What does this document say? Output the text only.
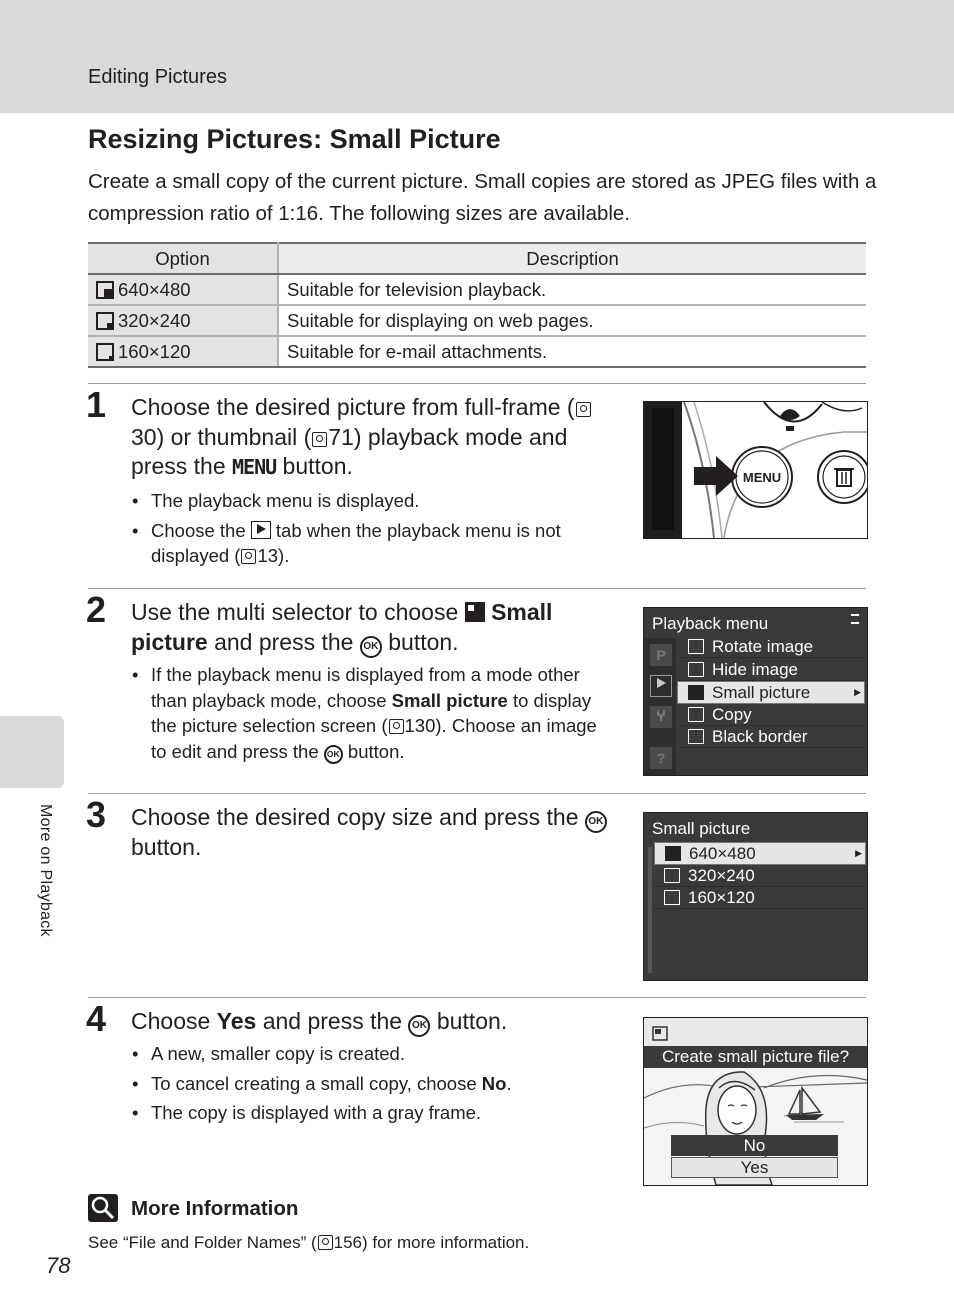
Editing Pictures
Resizing Pictures: Small Picture

Create a small copy of the current picture. Small copies are stored as JPEG files with a compression ratio of 1:16. The following sizes are available.

Option	Description
640×480	Suitable for television playback.
320×240	Suitable for displaying on web pages.
160×120	Suitable for e-mail attachments.
1 Choose the desired picture from full-frame (30) or thumbnail ( 71) playback mode and press the MENU button.

• The playback menu is displayed.
• Choose the  tab when the playback menu is not displayed ( 13).
MENU
2 Use the multi selector to choose  Small picture and press the OK button.

• If the playback menu is displayed from a mode other than playback mode, choose Small picture to display the picture selection screen ( 130). Choose an image to edit and press the OK button.
Playback menu
P
?
Rotate image
Hide image
Small picture	▶
Copy
Black border
3 Choose the desired copy size and press the OK button.

Small picture
640×480	▶
320×240
160×120
4 Choose Yes and press the OK button.

• A new, smaller copy is created.
• To cancel creating a small copy, choose No.
• The copy is displayed with a gray frame.
Create small picture file?
No
Yes
More Information
See “File and Folder Names” ( 156) for more information.
More on Playback
78
